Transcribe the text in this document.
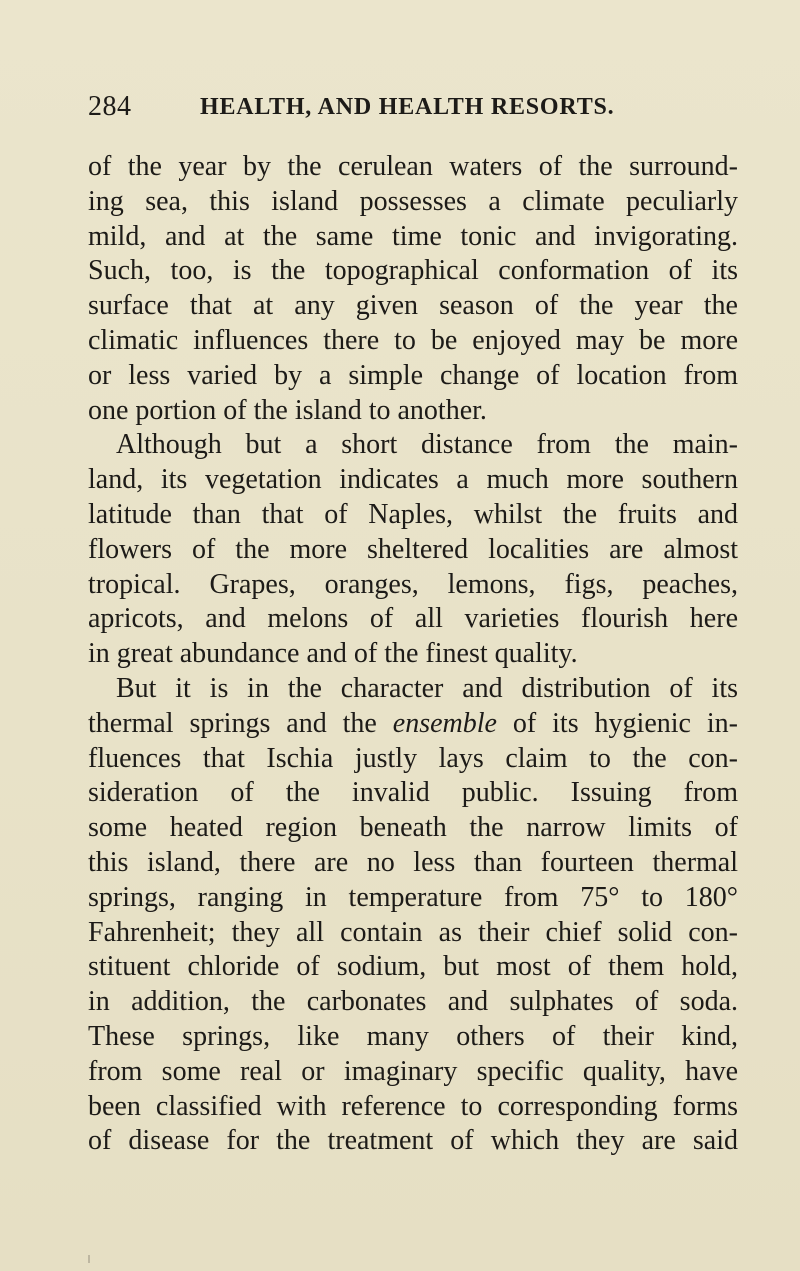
284	HEALTH, AND HEALTH RESORTS.
of the year by the cerulean waters of the surround-
ing sea, this island possesses a climate peculiarly
mild, and at the same time tonic and invigorating.
Such, too, is the topographical conformation of its
surface that at any given season of the year the
climatic influences there to be enjoyed may be more
or less varied by a simple change of location from
one portion of the island to another.
Although but a short distance from the main-
land, its vegetation indicates a much more southern
latitude than that of Naples, whilst the fruits and
flowers of the more sheltered localities are almost
tropical. Grapes, oranges, lemons, figs, peaches,
apricots, and melons of all varieties flourish here
in great abundance and of the finest quality.
But it is in the character and distribution of its
thermal springs and the ensemble of its hygienic in-
fluences that Ischia justly lays claim to the con-
sideration of the invalid public. Issuing from
some heated region beneath the narrow limits of
this island, there are no less than fourteen thermal
springs, ranging in temperature from 75° to 180°
Fahrenheit; they all contain as their chief solid con-
stituent chloride of sodium, but most of them hold,
in addition, the carbonates and sulphates of soda.
These springs, like many others of their kind,
from some real or imaginary specific quality, have
been classified with reference to corresponding forms
of disease for the treatment of which they are said
